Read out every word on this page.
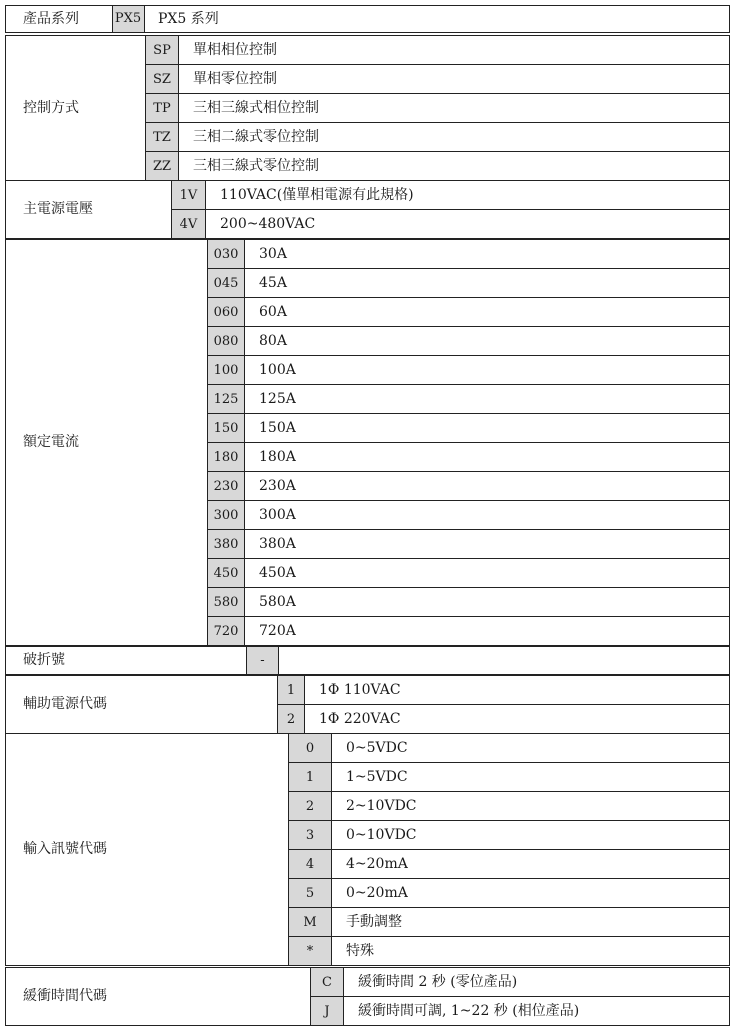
產品系列	PX5	PX5 系列
控制方式
SP	單相相位控制
SZ	單相零位控制
TP	三相三線式相位控制
TZ	三相二線式零位控制
ZZ	三相三線式零位控制
主電源電壓
1V	110VAC(僅單相電源有此規格)
4V	200~480VAC
額定電流
030	30A
045	45A
060	60A
080	80A
100	100A
125	125A
150	150A
180	180A
230	230A
300	300A
380	380A
450	450A
580	580A
720	720A
破折號	-
輔助電源代碼
1	1Φ 110VAC
2	1Φ 220VAC
輸入訊號代碼
0	0~5VDC
1	1~5VDC
2	2~10VDC
3	0~10VDC
4	4~20mA
5	0~20mA
M	手動調整
*	特殊
緩衝時間代碼
C	緩衝時間 2 秒 (零位產品)
J	緩衝時間可調, 1~22 秒 (相位產品)
